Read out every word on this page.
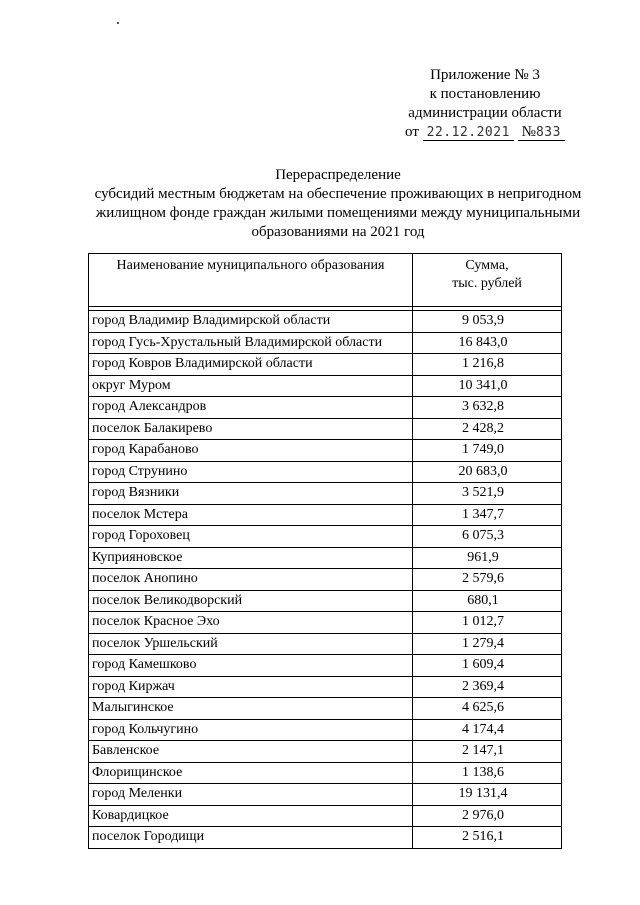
Приложение № 3
к постановлению
администрации области
от 22.12.2021 №833
Перераспределение
субсидий местным бюджетам на обеспечение проживающих в непригодном
жилищном фонде граждан жилыми помещениями между муниципальными
образованиями на 2021 год
Наименование муниципального образования	Сумма,
тыс. рублей

город Владимир Владимирской области	9 053,9
город Гусь-Хрустальный Владимирской области	16 843,0
город Ковров Владимирской области	1 216,8
округ Муром	10 341,0
город Александров	3 632,8
поселок Балакирево	2 428,2
город Карабаново	1 749,0
город Струнино	20 683,0
город Вязники	3 521,9
поселок Мстера	1 347,7
город Гороховец	6 075,3
Куприяновское	961,9
поселок Анопино	2 579,6
поселок Великодворский	680,1
поселок Красное Эхо	1 012,7
поселок Уршельский	1 279,4
город Камешково	1 609,4
город Киржач	2 369,4
Малыгинское	4 625,6
город Кольчугино	4 174,4
Бавленское	2 147,1
Флорищинское	1 138,6
город Меленки	19 131,4
Ковардицкое	2 976,0
поселок Городищи	2 516,1
